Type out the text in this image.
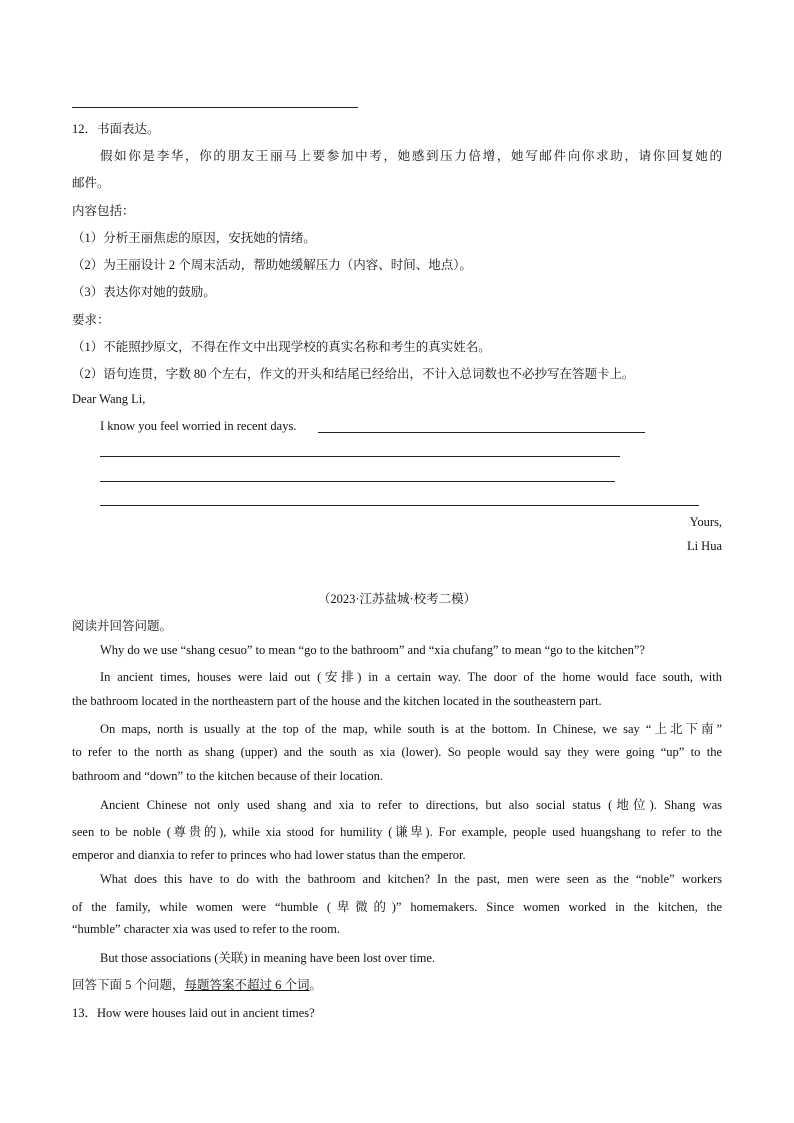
12．书面表达。
假如你是李华，你的朋友王丽马上要参加中考，她感到压力倍增，她写邮件向你求助，请你回复她的
邮件。
内容包括：
（1）分析王丽焦虑的原因，安抚她的情绪。
（2）为王丽设计 2 个周末活动，帮助她缓解压力（内容、时间、地点）。
（3）表达你对她的鼓励。
要求：
（1）不能照抄原文，不得在作文中出现学校的真实名称和考生的真实姓名。
（2）语句连贯，字数 80 个左右，作文的开头和结尾已经给出，不计入总词数也不必抄写在答题卡上。
Dear Wang Li,
I know you feel worried in recent days.
Yours,
Li Hua
（2023·江苏盐城·校考二模）
阅读并回答问题。
Why do we use “shang cesuo” to mean “go to the bathroom” and “xia chufang” to mean “go to the kitchen”?
In ancient times, houses were laid out (安排) in a certain way. The door of the home would face south, with
the bathroom located in the northeastern part of the house and the kitchen located in the southeastern part.
On maps, north is usually at the top of the map, while south is at the bottom. In Chinese, we say “上北下南”
to refer to the north as shang (upper) and the south as xia (lower). So people would say they were going “up” to the
bathroom and “down” to the kitchen because of their location.
Ancient Chinese not only used shang and xia to refer to directions, but also social status (地位). Shang was
seen to be noble (尊贵的), while xia stood for humility (谦卑). For example, people used huangshang to refer to the
emperor and dianxia to refer to princes who had lower status than the emperor.
What does this have to do with the bathroom and kitchen? In the past, men were seen as the “noble” workers
of the family, while women were “humble (卑微的)” homemakers. Since women worked in the kitchen, the
“humble” character xia was used to refer to the room.
But those associations (关联) in meaning have been lost over time.
回答下面 5 个问题，每题答案不超过 6 个词。
13．How were houses laid out in ancient times?
